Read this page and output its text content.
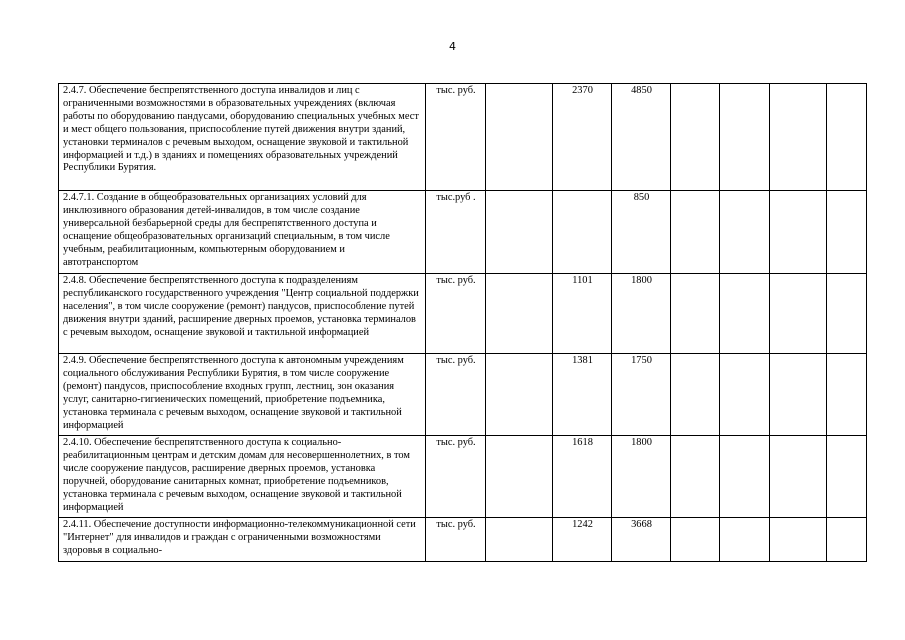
4
2.4.7. Обеспечение беспрепятственного доступа инвалидов и лиц с ограниченными возможностями в образовательных учреждениях (включая работы по оборудованию пандусами, оборудованию специальных учебных мест и мест общего пользования, приспособление путей движения внутри зданий, установки терминалов с речевым выходом, оснащение звуковой и тактильной информацией и т.д.) в зданиях и помещениях образовательных учреждений Республики Бурятия.	тыс. руб.		2370	4850				

2.4.7.1. Создание в общеобразовательных организациях условий для инклюзивного образования детей-инвалидов, в том числе создание универсальной безбарьерной среды для беспрепятственного доступа и оснащение общеобразовательных организаций специальным, в том числе учебным, реабилитационным, компьютерным оборудованием и автотранспортом	тыс.руб .			850				

2.4.8. Обеспечение беспрепятственного доступа к подразделениям республиканского государственного учреждения "Центр социальной поддержки населения", в том числе сооружение (ремонт) пандусов, приспособление путей движения внутри зданий, расширение дверных проемов, установка терминалов с речевым выходом, оснащение звуковой и тактильной информацией	тыс. руб.		1101	1800				

2.4.9. Обеспечение беспрепятственного доступа к автономным учреждениям социального обслуживания Республики Бурятия, в том числе сооружение (ремонт) пандусов, приспособление входных групп, лестниц, зон оказания услуг, санитарно-гигиенических помещений, приобретение подъемника, установка терминала с речевым выходом, оснащение звуковой и тактильной информацией	тыс. руб.		1381	1750				

2.4.10. Обеспечение беспрепятственного доступа к социально-реабилитационным центрам и детским домам для несовершеннолетних, в том числе сооружение пандусов, расширение дверных проемов, установка поручней, оборудование санитарных комнат, приобретение подъемников, установка терминала с речевым выходом, оснащение звуковой и тактильной информацией	тыс. руб.		1618	1800				

2.4.11. Обеспечение доступности информационно-телекоммуникационной сети "Интернет" для инвалидов и граждан с ограниченными возможностями здоровья в социально-	тыс. руб.		1242	3668				
